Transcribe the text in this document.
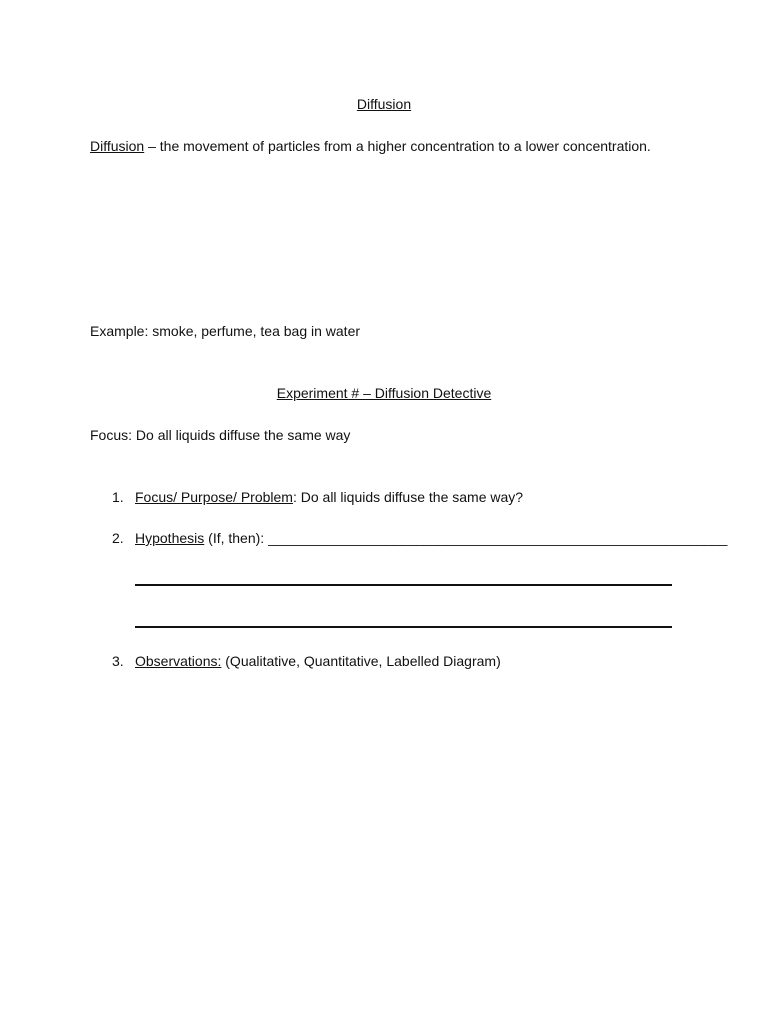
Diffusion
Diffusion – the movement of particles from a higher concentration to a lower concentration.
Example: smoke, perfume, tea bag in water
Experiment # – Diffusion Detective
Focus: Do all liquids diffuse the same way
1. Focus/ Purpose/ Problem: Do all liquids diffuse the same way?
2. Hypothesis (If, then): ___________________________________________________________
3. Observations: (Qualitative, Quantitative, Labelled Diagram)
